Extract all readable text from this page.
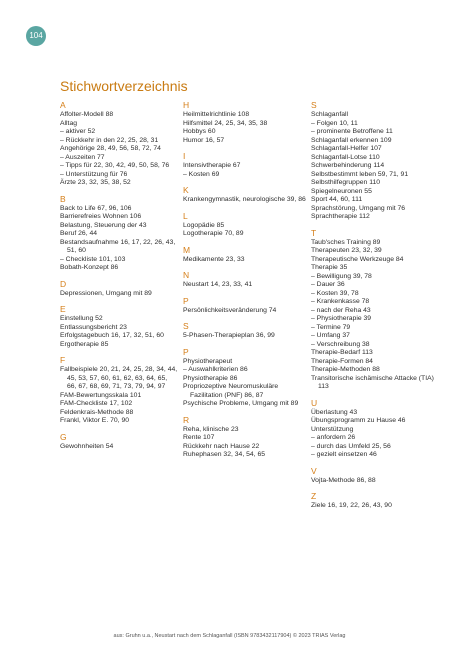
104
Stichwortverzeichnis
A
Affolter-Modell 88
Alltag
– aktiver 52
– Rückkehr in den 22, 25, 28, 31
Angehörige 28, 49, 56, 58, 72, 74
– Auszeiten 77
– Tipps für 22, 30, 42, 49, 50, 58, 76
– Unterstützung für 76
Ärzte 23, 32, 35, 38, 52
B
Back to Life 67, 96, 106
Barrierefreies Wohnen 106
Belastung, Steuerung der 43
Beruf 26, 44
Bestandsaufnahme 16, 17, 22, 26, 43, 51, 60
– Checkliste 101, 103
Bobath-Konzept 86
D
Depressionen, Umgang mit 89
E
Einstellung 52
Entlassungsbericht 23
Erfolgstagebuch 16, 17, 32, 51, 60
Ergotherapie 85
F
Fallbeispiele 20, 21, 24, 25, 28, 34, 44, 45, 53, 57, 60, 61, 62, 63, 64, 65, 66, 67, 68, 69, 71, 73, 79, 94, 97
FAM-Bewertungsskala 101
FAM-Checkliste 17, 102
Feldenkrais-Methode 88
Frankl, Viktor E. 70, 90
G
Gewohnheiten 54
H
Heilmittelrichtlinie 108
Hilfsmittel 24, 25, 34, 35, 38
Hobbys 60
Humor 16, 57
I
Intensivtherapie 67
– Kosten 69
K
Krankengymnastik, neurologische 39, 86
L
Logopädie 85
Logotherapie 70, 89
M
Medikamente 23, 33
N
Neustart 14, 23, 33, 41
P
Persönlichkeitsveränderung 74
S
5-Phasen-Therapieplan 36, 99
P
Physiotherapeut
– Auswahlkriterien 86
Physiotherapie 86
Propriozeptive Neuromuskuläre Fazilitation (PNF) 86, 87
Psychische Probleme, Umgang mit 89
R
Reha, klinische 23
Rente 107
Rückkehr nach Hause 22
Ruhephasen 32, 34, 54, 65
S
Schlaganfall
– Folgen 10, 11
– prominente Betroffene 11
Schlaganfall erkennen 109
Schlaganfall-Helfer 107
Schlaganfall-Lotse 110
Schwerbehinderung 114
Selbstbestimmt leben 59, 71, 91
Selbsthilfegruppen 110
Spiegelneuronen 55
Sport 44, 60, 111
Sprachstörung, Umgang mit 76
Sprachtherapie 112
T
Taub'sches Training 89
Therapeuten 23, 32, 39
Therapeutische Werkzeuge 84
Therapie 35
– Bewilligung 39, 78
– Dauer 36
– Kosten 39, 78
– Krankenkasse 78
– nach der Reha 43
– Physiotherapie 39
– Termine 79
– Umfang 37
– Verschreibung 38
Therapie-Bedarf 113
Therapie-Formen 84
Therapie-Methoden 88
Transitorische ischämische Attacke (TIA) 113
U
Überlastung 43
Übungsprogramm zu Hause 46
Unterstützung
– anfordern 26
– durch das Umfeld 25, 56
– gezielt einsetzen 46
V
Vojta-Methode 86, 88
Z
Ziele 16, 19, 22, 26, 43, 90
aus: Gruhn u.a., Neustart nach dem Schlaganfall (ISBN 9783432117904) © 2023 TRIAS Verlag
